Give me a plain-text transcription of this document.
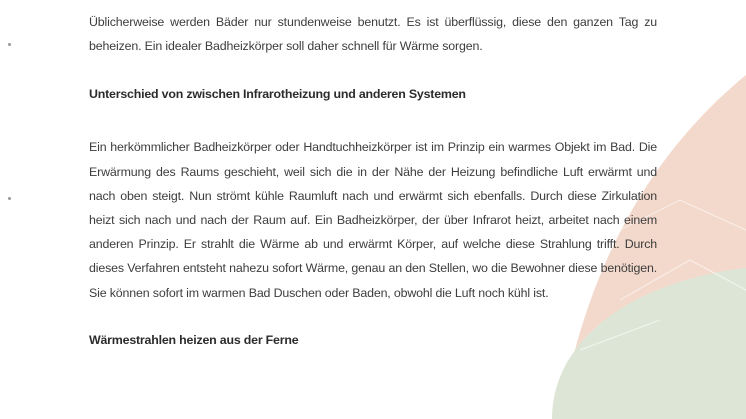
Üblicherweise werden Bäder nur stundenweise benutzt. Es ist überflüssig, diese den ganzen Tag zu beheizen. Ein idealer Badheizkörper soll daher schnell für Wärme sorgen.

Unterschied von zwischen Infrarotheizung und anderen Systemen

Ein herkömmlicher Badheizkörper oder Handtuchheizkörper ist im Prinzip ein warmes Objekt im Bad. Die Erwärmung des Raums geschieht, weil sich die in der Nähe der Heizung befindliche Luft erwärmt und nach oben steigt. Nun strömt kühle Raumluft nach und erwärmt sich ebenfalls. Durch diese Zirkulation heizt sich nach und nach der Raum auf. Ein Badheizkörper, der über Infrarot heizt, arbeitet nach einem anderen Prinzip. Er strahlt die Wärme ab und erwärmt Körper, auf welche diese Strahlung trifft. Durch dieses Verfahren entsteht nahezu sofort Wärme, genau an den Stellen, wo die Bewohner diese benötigen. Sie können sofort im warmen Bad Duschen oder Baden, obwohl die Luft noch kühl ist.

Wärmestrahlen heizen aus der Ferne
